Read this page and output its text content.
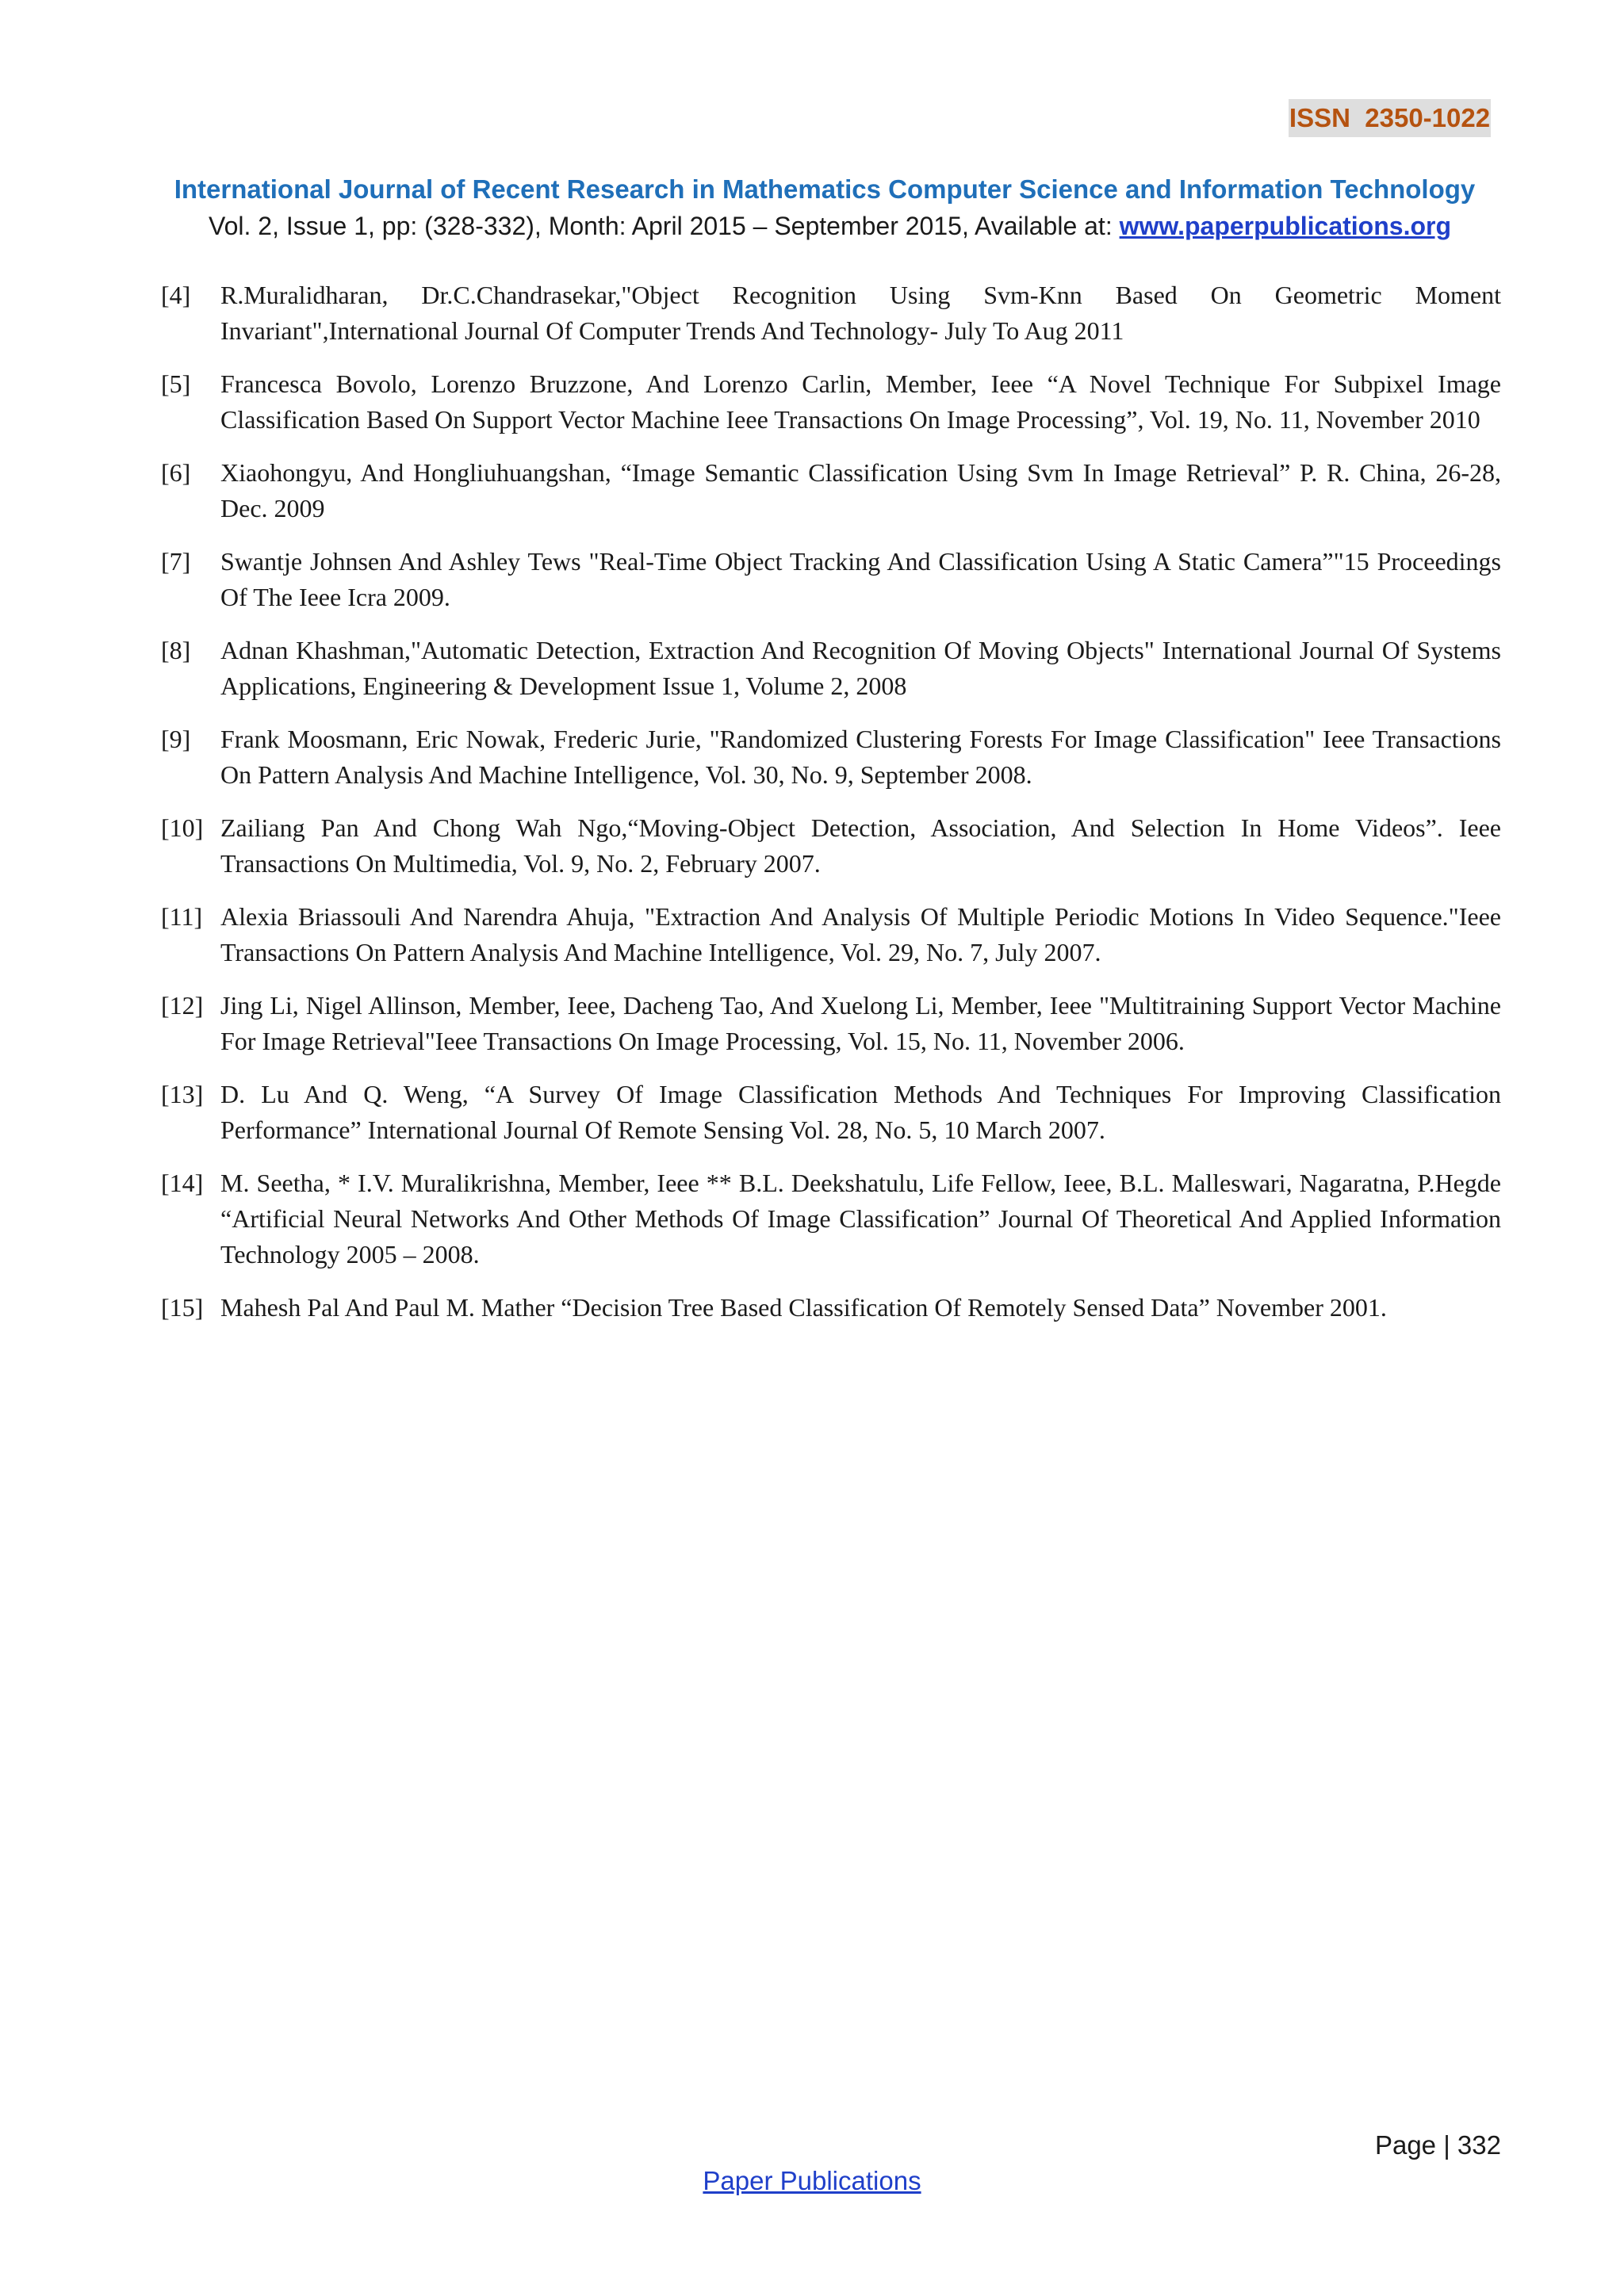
ISSN  2350-1022
International Journal of Recent Research in Mathematics Computer Science and Information Technology
Vol. 2, Issue 1, pp: (328-332), Month: April 2015 – September 2015, Available at: www.paperpublications.org
[4]	R.Muralidharan, Dr.C.Chandrasekar,"Object Recognition Using Svm-Knn Based On Geometric Moment Invariant",International Journal Of Computer Trends And Technology- July To Aug 2011
[5]	Francesca Bovolo, Lorenzo Bruzzone, And Lorenzo Carlin, Member, Ieee “A Novel Technique For Subpixel Image Classification Based On Support Vector Machine Ieee Transactions On Image Processing”, Vol. 19, No. 11, November 2010
[6]	Xiaohongyu, And Hongliuhuangshan, “Image Semantic Classification Using Svm In Image Retrieval” P. R. China, 26-28, Dec. 2009
[7]	Swantje Johnsen And Ashley Tews "Real-Time Object Tracking And Classification Using A Static Camera”"15 Proceedings Of The Ieee Icra 2009.
[8]	Adnan Khashman,"Automatic Detection, Extraction And Recognition Of Moving Objects" International Journal Of Systems Applications, Engineering & Development Issue 1, Volume 2, 2008
[9]	Frank Moosmann, Eric Nowak, Frederic Jurie, "Randomized Clustering Forests For Image Classification" Ieee Transactions On Pattern Analysis And Machine Intelligence, Vol. 30, No. 9, September 2008.
[10] Zailiang Pan And Chong Wah Ngo,“Moving-Object Detection, Association, And Selection In Home Videos”. Ieee Transactions On Multimedia, Vol. 9, No. 2, February 2007.
[11] Alexia Briassouli And Narendra Ahuja, "Extraction And Analysis Of Multiple Periodic Motions In Video Sequence."Ieee Transactions On Pattern Analysis And Machine Intelligence, Vol. 29, No. 7, July 2007.
[12] Jing Li, Nigel Allinson, Member, Ieee, Dacheng Tao, And Xuelong Li, Member, Ieee "Multitraining Support Vector Machine For Image Retrieval"Ieee Transactions On Image Processing, Vol. 15, No. 11, November 2006.
[13] D. Lu And Q. Weng, “A Survey Of Image Classification Methods And Techniques For Improving Classification Performance” International Journal Of Remote Sensing Vol. 28, No. 5, 10 March 2007.
[14] M. Seetha, * I.V. Muralikrishna, Member, Ieee ** B.L. Deekshatulu, Life Fellow, Ieee, B.L. Malleswari, Nagaratna, P.Hegde “Artificial Neural Networks And Other Methods Of Image Classification” Journal Of Theoretical And Applied Information Technology 2005 – 2008.
[15] Mahesh Pal And Paul M. Mather “Decision Tree Based Classification Of Remotely Sensed Data” November 2001.
Page | 332
Paper Publications
